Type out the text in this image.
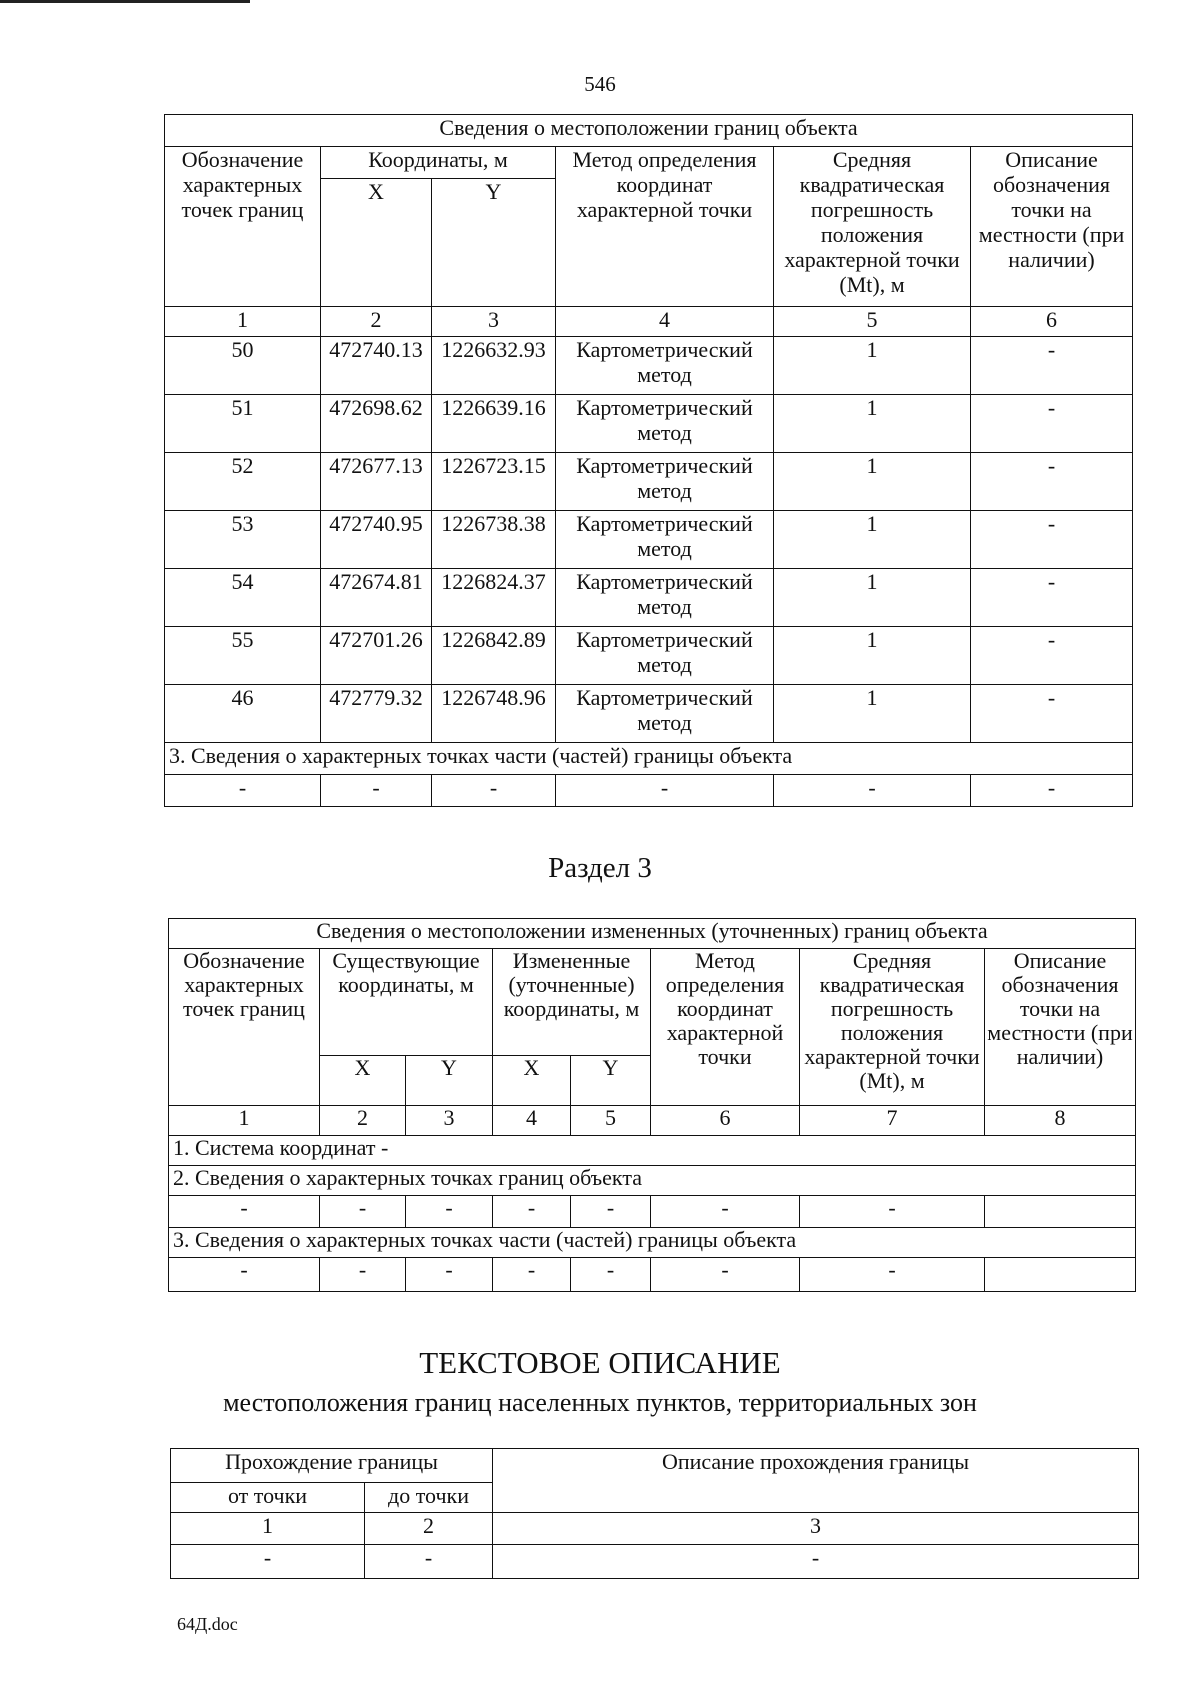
546
Сведения о местоположении границ объекта					
Обозначение характерных точек границ	Координаты, м		Метод определения координат характерной точки	Средняя квадратическая погрешность положения характерной точки (Mt), м	Описание обозначения точки на местности (при наличии)
	X	Y			
1	2	3	4	5	6
50	472740.13	1226632.93	Картометрический метод	1	-
51	472698.62	1226639.16	Картометрический метод	1	-
52	472677.13	1226723.15	Картометрический метод	1	-
53	472740.95	1226738.38	Картометрический метод	1	-
54	472674.81	1226824.37	Картометрический метод	1	-
55	472701.26	1226842.89	Картометрический метод	1	-
46	472779.32	1226748.96	Картометрический метод	1	-
3. Сведения о характерных точках части (частей) границы объекта					
-	-	-	-	-	-
Раздел 3
Сведения о местоположении измененных (уточненных) границ объекта							
Обозначение характерных точек границ	Существующие координаты, м		Измененные (уточненные) координаты, м		Метод определения координат характерной точки	Средняя квадратическая погрешность положения характерной точки (Mt), м	Описание обозначения точки на местности (при наличии)
	X	Y	X	Y			
1	2	3	4	5	6	7	8
1. Система координат -							
2. Сведения о характерных точках границ объекта							
-	-	-	-	-	-	-	
3. Сведения о характерных точках части (частей) границы объекта							
-	-	-	-	-	-	-	
ТЕКСТОВОЕ ОПИСАНИЕ
местоположения границ населенных пунктов, территориальных зон
Прохождение границы		Описание прохождения границы
от точки	до точки	
1	2	3
-	-	-
64Д.doc
